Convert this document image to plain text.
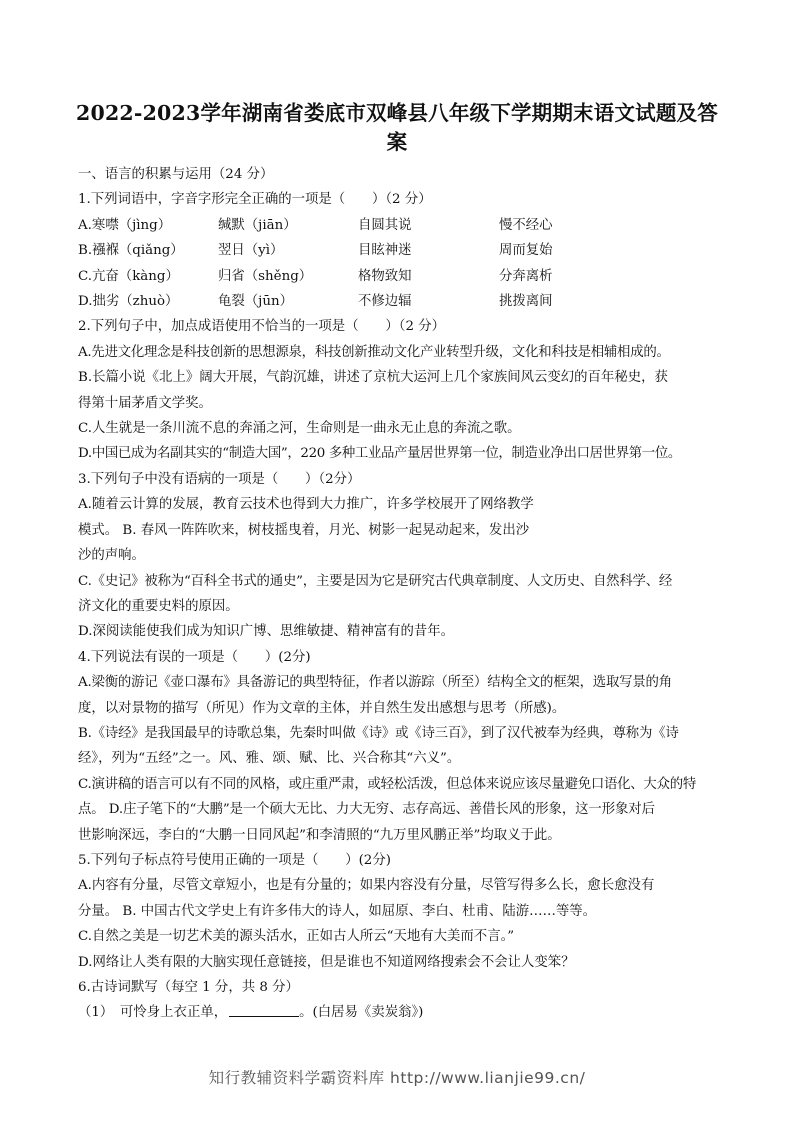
2022-2023学年湖南省娄底市双峰县八年级下学期期末语文试题及答
案

一、语言的积累与运用（24 分）

1.下列词语中，字音字形完全正确的一项是（　　）（2 分）

A.寒噤（jìng）	缄默（jiān）	自圆其说	慢不经心
B.襁褓（qiǎng）	翌日（yì）	目眩神迷	周而复始
C.亢奋（kàng）	归省（shěng）	格物致知	分奔离析
D.拙劣（zhuò）	龟裂（jūn）	不修边辐	挑拨离间

2.下列句子中，加点成语使用不恰当的一项是（　　）（2 分）

A.先进文化理念是科技创新的思想源泉，科技创新推动文化产业转型升级，文化和科技是相辅相成的。

B.长篇小说《北上》阔大开展，气韵沉雄，讲述了京杭大运河上几个家族间风云变幻的百年秘史，获

得第十届茅盾文学奖。

C.人生就是一条川流不息的奔涌之河，生命则是一曲永无止息的奔流之歌。

D.中国已成为名副其实的“制造大国”，220 多种工业品产量居世界第一位，制造业净出口居世界第一位。

3.下列句子中没有语病的一项是（　　）（2分）

A.随着云计算的发展，教育云技术也得到大力推广，许多学校展开了网络教学

模式。 B. 春风一阵阵吹来，树枝摇曳着，月光、树影一起晃动起来，发出沙

沙的声响。

C.《史记》被称为“百科全书式的通史”，主要是因为它是研究古代典章制度、人文历史、自然科学、经

济文化的重要史料的原因。

D.深阅读能使我们成为知识广博、思维敏捷、精神富有的昔年。

4.下列说法有误的一项是（　　）(2分)

A.梁衡的游记《壶口瀑布》具备游记的典型特征，作者以游踪（所至）结构全文的框架，选取写景的角

度，以对景物的描写（所见）作为文章的主体，并自然生发出感想与思考（所感)。

B.《诗经》是我国最早的诗歌总集，先秦时叫做《诗》或《诗三百》，到了汉代被奉为经典，尊称为《诗

经》，列为“五经”之一。风、雅、颂、赋、比、兴合称其“六义”。

C.演讲稿的语言可以有不同的风格，或庄重严肃，或轻松活泼，但总体来说应该尽量避免口语化、大众的特

点。 D.庄子笔下的“大鹏”是一个硕大无比、力大无穷、志存高远、善借长风的形象，这一形象对后

世影响深远，李白的“大鹏一日同风起”和李清照的“九万里风鹏正举”均取义于此。

5.下列句子标点符号使用正确的一项是（　　）(2分)

A.内容有分量，尽管文章短小，也是有分量的；如果内容没有分量，尽管写得多么长，愈长愈没有

分量。 B. 中国古代文学史上有许多伟大的诗人，如屈原、李白、杜甫、陆游……等等。

C.自然之美是一切艺术美的源头活水，正如古人所云“天地有大美而不言。”

D.网络让人类有限的大脑实现任意链接，但是谁也不知道网络搜索会不会让人变笨？

6.古诗词默写（每空 1 分，共 8 分）

（1）　可怜身上衣正单，	。(白居易《卖炭翁》)

知行教辅资料学霸资料库 http://www.lianjie99.cn/
